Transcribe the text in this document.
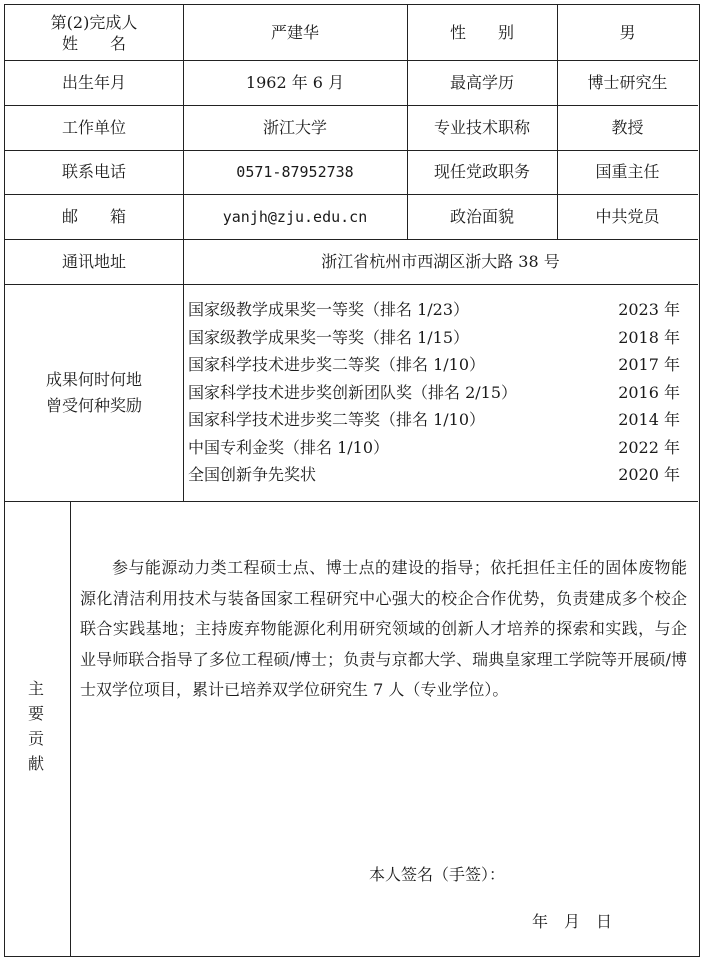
第(2)完成人
姓　　名
严建华	性　　别	男
出生年月	1962 年 6 月	最高学历	博士研究生
工作单位	浙江大学	专业技术职称	教授
联系电话	0571-87952738	现任党政职务	国重主任
邮　　箱	yanjh@zju.edu.cn	政治面貌	中共党员
通讯地址	浙江省杭州市西湖区浙大路 38 号
成果何时何地
曾受何种奖励
国家级教学成果奖一等奖（排名 1/23）	2023 年
国家级教学成果奖一等奖（排名 1/15）	2018 年
国家科学技术进步奖二等奖（排名 1/10）	2017 年
国家科学技术进步奖创新团队奖（排名 2/15）	2016 年
国家科学技术进步奖二等奖（排名 1/10）	2014 年
中国专利金奖（排名 1/10）	2022 年
全国创新争先奖状	2020 年
主
要
贡
献

参与能源动力类工程硕士点、博士点的建设的指导；依托担任主任的固体废物能源化清洁利用技术与装备国家工程研究中心强大的校企合作优势，负责建成多个校企联合实践基地；主持废弃物能源化利用研究领域的创新人才培养的探索和实践，与企业导师联合指导了多位工程硕/博士；负责与京都大学、瑞典皇家理工学院等开展硕/博士双学位项目，累计已培养双学位研究生 7 人（专业学位）。

本人签名（手签）：
年　月　日
